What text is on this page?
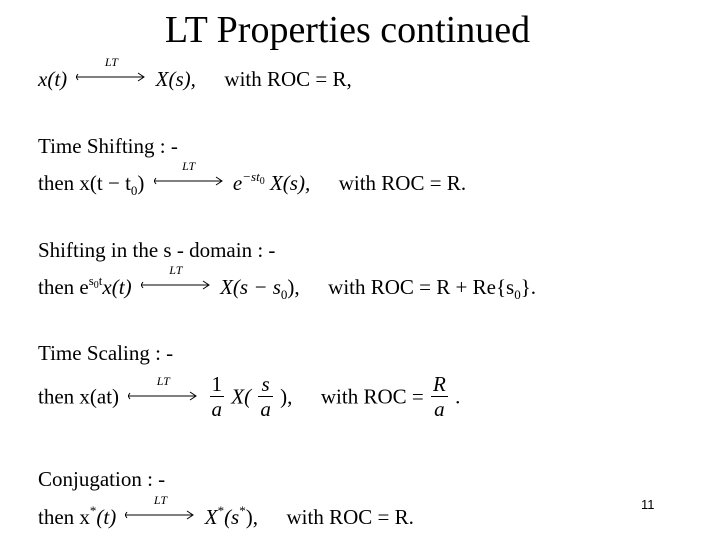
LT Properties continued
x(t)
LT
X(s), with ROC = R,
Time Shifting : -
then $x(t - t_0)$
LT
$e^{-st_0}$ X(s), with ROC = R.
Shifting in the s - domain : -
then $e^{s_0t}x(t)$
LT
$X(s - s_0)$, with ROC = $R + Re\{s_0\}$.
Time Scaling : -
then x(at)
LT
	$\frac{1}{a} X( \frac{s}{a}$ ), with ROC = $\frac{R}{a}$ .
Conjugation : -
then x*(t)
LT
X*(s*), with ROC = R.
11
